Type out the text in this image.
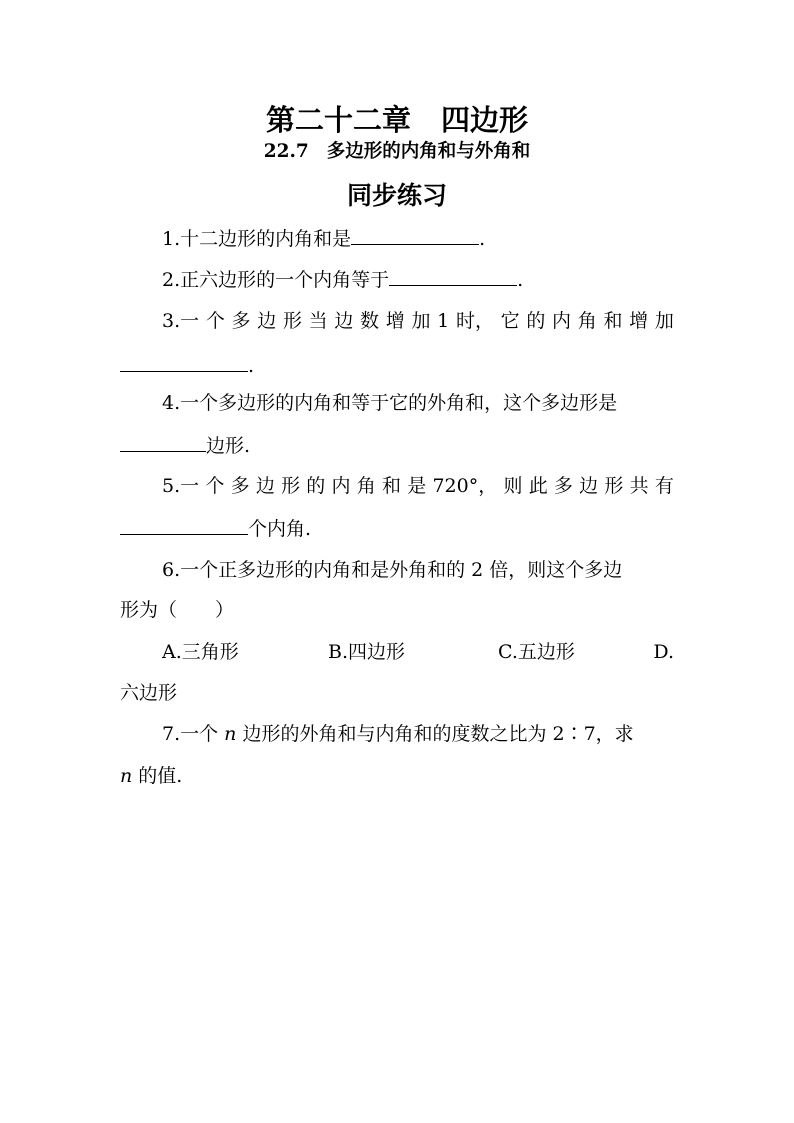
第二十二章 四边形
22.7 多边形的内角和与外角和
同步练习
1.十二边形的内角和是	.
2.正六边形的一个内角等于	.
3.一 个 多 边 形 当 边 数 增 加 1 时， 它 的 内 角 和 增 加
.
4.一个多边形的内角和等于它的外角和，这个多边形是
边形.
5.一 个 多 边 形 的 内 角 和 是 720°， 则 此 多 边 形 共 有
个内角.
6.一个正多边形的内角和是外角和的 2 倍，则这个多边
形为（　　）
A.三角形	B.四边形	C.五边形	D.
六边形
7.一个 n 边形的外角和与内角和的度数之比为 2∶7，求
n 的值.
